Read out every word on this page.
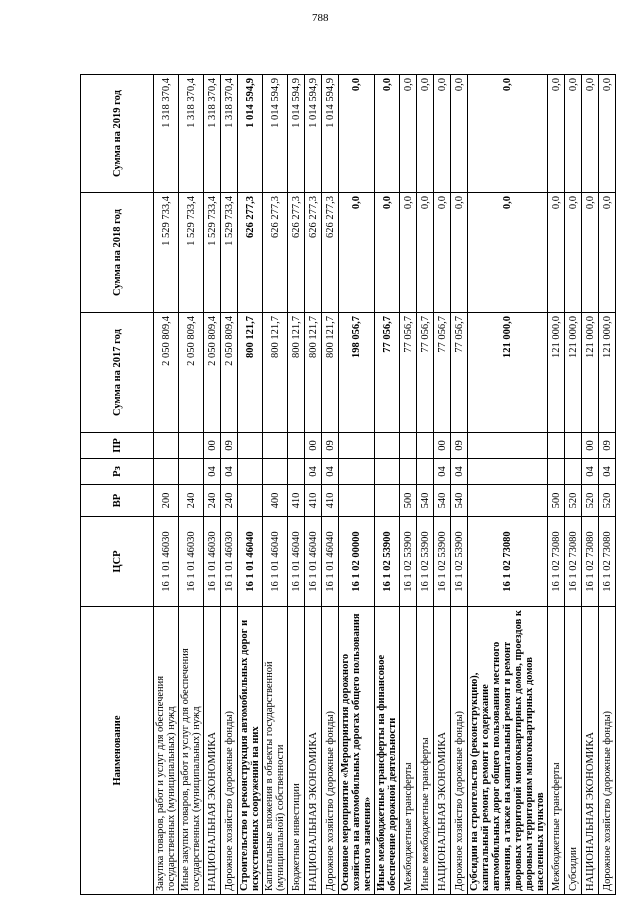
788
Наименование	ЦСР	ВР	Рз	ПР	Сумма на 2017 год	Сумма на 2018 год	Сумма на 2019 год
Закупка товаров, работ и услуг для обеспечения государственных (муниципальных) нужд	16 1 01 46030	200			2 050 809,4	1 529 733,4	1 318 370,4
Иные закупки товаров, работ и услуг для обеспечения государственных (муниципальных) нужд	16 1 01 46030	240			2 050 809,4	1 529 733,4	1 318 370,4
НАЦИОНАЛЬНАЯ ЭКОНОМИКА	16 1 01 46030	240	04	00	2 050 809,4	1 529 733,4	1 318 370,4
Дорожное хозяйство (дорожные фонды)	16 1 01 46030	240	04	09	2 050 809,4	1 529 733,4	1 318 370,4
Строительство и реконструкция автомобильных дорог и искусственных сооружений на них	16 1 01 46040				800 121,7	626 277,3	1 014 594,9
Капитальные вложения в объекты государственной (муниципальной) собственности	16 1 01 46040	400			800 121,7	626 277,3	1 014 594,9
Бюджетные инвестиции	16 1 01 46040	410			800 121,7	626 277,3	1 014 594,9
НАЦИОНАЛЬНАЯ ЭКОНОМИКА	16 1 01 46040	410	04	00	800 121,7	626 277,3	1 014 594,9
Дорожное хозяйство (дорожные фонды)	16 1 01 46040	410	04	09	800 121,7	626 277,3	1 014 594,9
Основное мероприятие «Мероприятия дорожного хозяйства на автомобильных дорогах общего пользования местного значения»	16 1 02 00000				198 056,7	0,0	0,0
Иные межбюджетные трансферты на финансовое обеспечение дорожной деятельности	16 1 02 53900				77 056,7	0,0	0,0
Межбюджетные трансферты	16 1 02 53900	500			77 056,7	0,0	0,0
Иные межбюджетные трансферты	16 1 02 53900	540			77 056,7	0,0	0,0
НАЦИОНАЛЬНАЯ ЭКОНОМИКА	16 1 02 53900	540	04	00	77 056,7	0,0	0,0
Дорожное хозяйство (дорожные фонды)	16 1 02 53900	540	04	09	77 056,7	0,0	0,0
Субсидии на строительство (реконструкцию), капитальный ремонт, ремонт и содержание автомобильных дорог общего пользования местного значения, а также на капитальный ремонт и ремонт дворовых территорий многоквартирных домов, проездов к дворовым территориям многоквартирных домов населенных пунктов	16 1 02 73080				121 000,0	0,0	0,0
Межбюджетные трансферты	16 1 02 73080	500			121 000,0	0,0	0,0
Субсидии	16 1 02 73080	520			121 000,0	0,0	0,0
НАЦИОНАЛЬНАЯ ЭКОНОМИКА	16 1 02 73080	520	04	00	121 000,0	0,0	0,0
Дорожное хозяйство (дорожные фонды)	16 1 02 73080	520	04	09	121 000,0	0,0	0,0
